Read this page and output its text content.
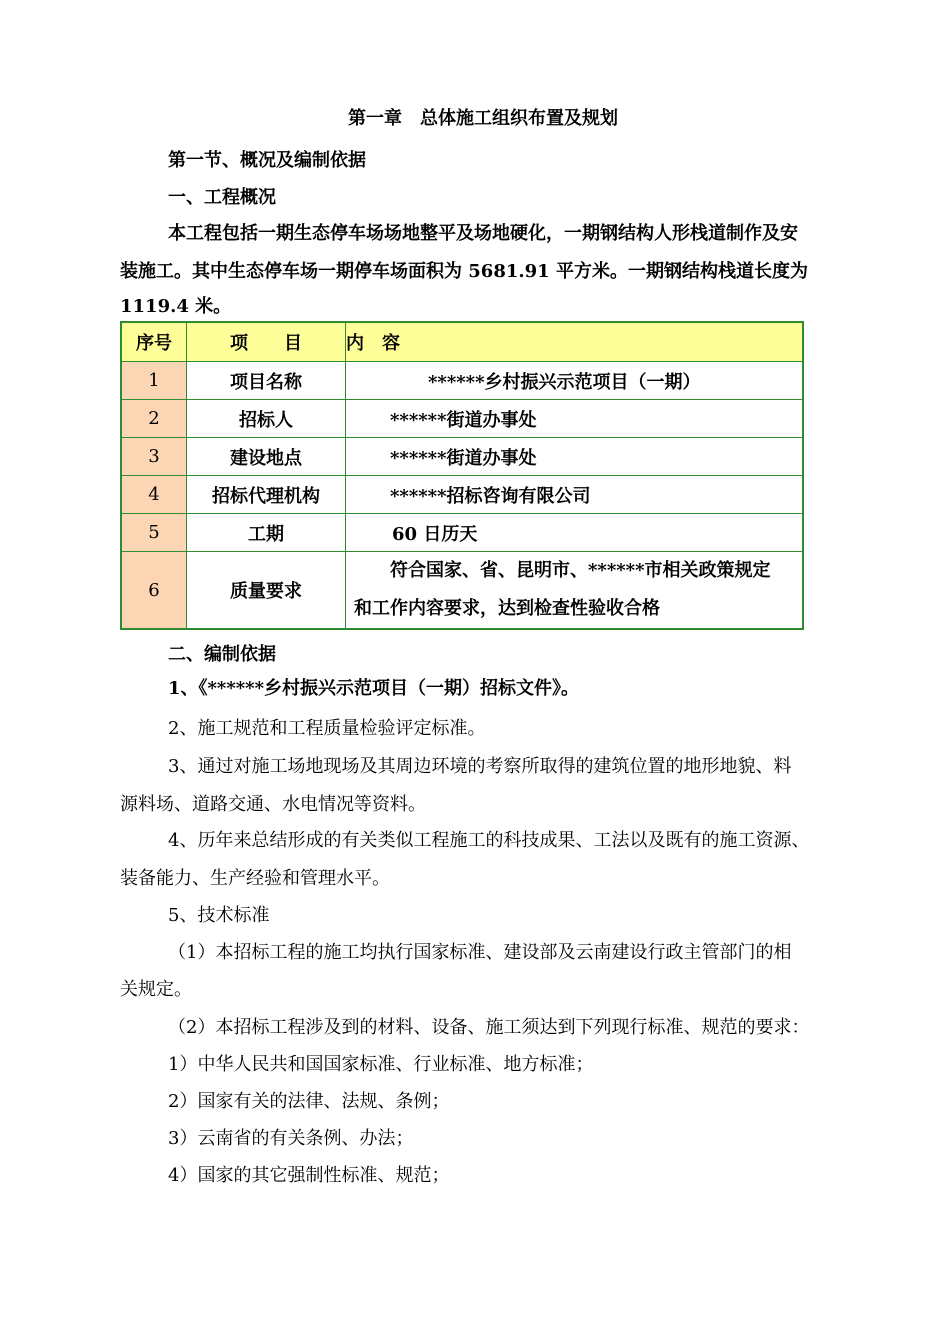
第一章　总体施工组织布置及规划
第一节、概况及编制依据
一、工程概况
本工程包括一期生态停车场场地整平及场地硬化，一期钢结构人形栈道制作及安
装施工。其中生态停车场一期停车场面积为 5681.91 平方米。一期钢结构栈道长度为
1119.4 米。
序号	项　　目	内　容
1	项目名称	******乡村振兴示范项目（一期）
2	招标人	******街道办事处
3	建设地点	******街道办事处
4	招标代理机构	******招标咨询有限公司
5	工期	60 日历天
6	质量要求	　　符合国家、省、昆明市、******市相关政策规定
和工作内容要求，达到检查性验收合格
二、编制依据
1、《******乡村振兴示范项目（一期）招标文件》。
2、施工规范和工程质量检验评定标准。
3、通过对施工场地现场及其周边环境的考察所取得的建筑位置的地形地貌、料
源料场、道路交通、水电情况等资料。
4、历年来总结形成的有关类似工程施工的科技成果、工法以及既有的施工资源、
装备能力、生产经验和管理水平。
5、技术标准
（1）本招标工程的施工均执行国家标准、建设部及云南建设行政主管部门的相
关规定。
（2）本招标工程涉及到的材料、设备、施工须达到下列现行标准、规范的要求：
1）中华人民共和国国家标准、行业标准、地方标准；
2）国家有关的法律、法规、条例；
3）云南省的有关条例、办法；
4）国家的其它强制性标准、规范；
